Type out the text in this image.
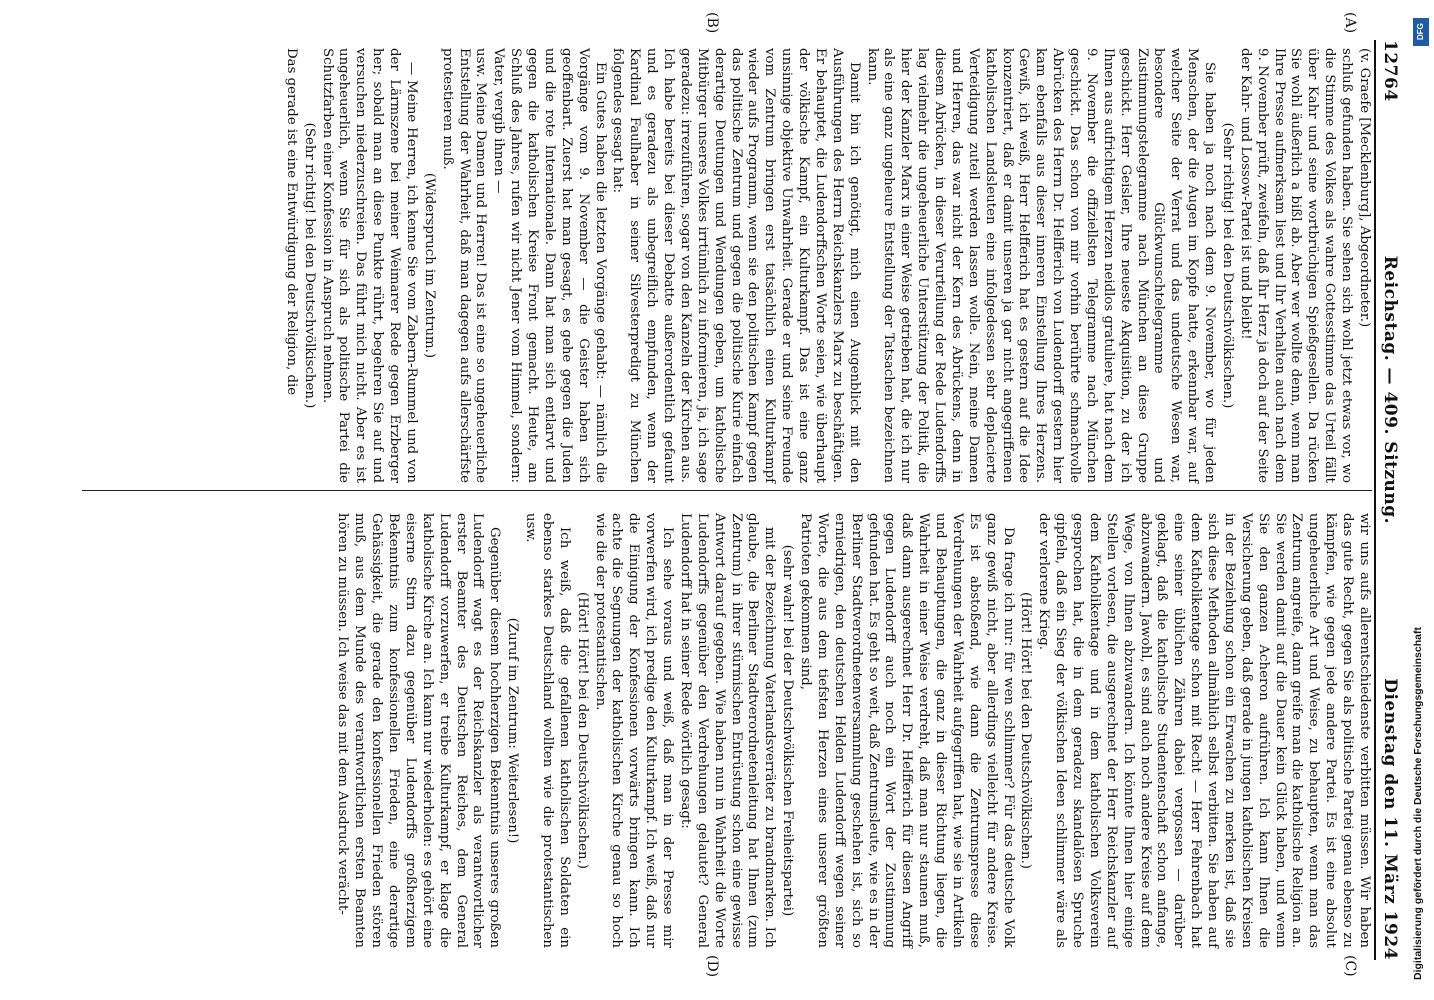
12764
Reichstag. — 409. Sitzung.
Dienstag den 11. März 1924
(A)
(B)
(C)
(D)

(v. Graefe [Mecklenburg], Abgeordneter.)

schluß gefunden haben. Sie sehen sich wohl jetzt etwas vor, wo die Stimme des Volkes als wahre Gottesstimme das Urteil fällt über Kahr und seine wortbrüchigen Spießgesellen. Da rücken Sie wohl äußerlich a bißl ab. Aber wer wollte denn, wenn man Ihre Presse aufmerksam liest und Ihr Verhalten auch nach dem 9. November prüft, zweifeln, daß Ihr Herz ja doch auf der Seite der Kahr- und Lossow-Partei ist und bleibt!

(Sehr richtig! bei den Deutschvölkischen.)

Sie haben ja noch nach dem 9. November, wo für jeden Menschen, der die Augen im Kopfe hatte, erkennbar war, auf welcher Seite der Verrat und das undeutsche Wesen war, besondere Glückwunschtelegramme und Zustimmungstelegramme nach München an diese Gruppe geschickt. Herr Geisler, Ihre neueste Akquisition, zu der ich Ihnen aus aufrichtigem Herzen neidlos gratuliere, hat nach dem 9. November die offiziellsten Telegramme nach München geschickt. Das schon von mir vorhin berührte schmachvolle Abrücken des Herrn Dr. Helfferich von Ludendorff gestern hier kam ebenfalls aus dieser inneren Einstellung Ihres Herzens. Gewiß, ich weiß, Herr Helfferich hat es gestern auf die Idee konzentriert, daß er damit unseren ja gar nicht angegriffenen katholischen Landsleuten eine infolgedessen sehr deplacierte Verteidigung zuteil werden lassen wolle. Nein, meine Damen und Herren, das war nicht der Kern des Abrückens, denn in diesem Abrücken, in dieser Verurteilung der Rede Ludendorffs lag vielmehr die ungeheuerliche Unterstützung der Politik, die hier der Kanzler Marx in einer Weise getrieben hat, die ich nur als eine ganz ungeheure Entstellung der Tatsachen bezeichnen kann.

Damit bin ich genötigt, mich einen Augenblick mit den Ausführungen des Herrn Reichskanzlers Marx zu beschäftigen. Er behauptet, die Ludendorffschen Worte seien, wie überhaupt der völkische Kampf, ein Kulturkampf. Das ist eine ganz unsinnige objektive Unwahrheit. Gerade er und seine Freunde vom Zentrum bringen erst tatsächlich einen Kulturkampf wieder aufs Programm, wenn sie den politischen Kampf gegen das politische Zentrum und gegen die politische Kurie einfach derartige Deutungen und Wendungen geben, um katholische Mitbürger unseres Volkes irrtümlich zu informieren, ja, ich sage geradezu: irrezuführen, sogar von den Kanzeln der Kirchen aus. Ich habe bereits bei dieser Debatte außerordentlich gefaunt und es geradezu als unbegreiflich empfunden, wenn der Kardinal Faulhaber in seiner Silvesterpredigt zu München folgendes gesagt hat:

Ein Gutes haben die letzten Vorgänge gehabt: — nämlich die Vorgänge vom 9. November — die Geister haben sich geoffenbart. Zuerst hat man gesagt, es gehe gegen die Juden und die rote Internationale. Dann hat man sich entlarvt und gegen die katholischen Kreise Front gemacht. Heute, am Schluß des Jahres, rufen wir nicht Jener vom Himmel, sondern: Vater, vergib ihnen —

usw. Meine Damen und Herren! Das ist eine so ungeheuerliche Entstellung der Wahrheit, daß man dagegen aufs allerschärfste protestieren muß.

(Widerspruch im Zentrum.)

— Meine Herren, ich kenne Sie vom Zabern-Rummel und von der Lärmszene bei meiner Weimarer Rede gegen Erzberger her; sobald man an diese Punkte rührt, begehren Sie auf und versuchen niederzuschreien. Das führt mich nicht. Aber es ist ungeheuerlich, wenn Sie für sich als politische Partei die Schutzfarben einer Konfession in Anspruch nehmen.

(Sehr richtig! bei den Deutschvölkischen.)

Das gerade ist eine Entwürdigung der Religion, die

wir uns aufs allerentschiedenste verbitten müssen. Wir haben das gute Recht, gegen Sie als politische Partei genau ebenso zu kämpfen, wie gegen jede andere Partei. Es ist eine absolut ungeheuerliche Art und Weise, zu behaupten, wenn man das Zentrum angreife, dann greife man die katholische Religion an. Sie werden damit auf die Dauer kein Glück haben, und wenn Sie den ganzen Acheron aufrühren. Ich kann Ihnen die Versicherung geben, daß gerade in jungen katholischen Kreisen in der Beziehung schon ein Erwachen zu merken ist, daß sie sich diese Methoden allmählich selbst verbitten. Sie haben auf dem Katholikentage schon mit Recht — Herr Fehrenbach hat eine seiner üblichen Zähren dabei vergossen — darüber geklagt, daß die katholische Studentenschaft schon anfange, abzuwandern. Jawohl, es sind auch noch andere Kreise auf dem Wege, von Ihnen abzuwandern. Ich könnte Ihnen hier einige Stellen vorlesen, die ausgerechnet der Herr Reichskanzler auf dem Katholikentage und in dem katholischen Volksverein gesprochen hat, die in dem geradezu skandalösen Spruche gipfeln, daß ein Sieg der völkischen Ideen schlimmer wäre als der verlorene Krieg.

(Hört! Hört! bei den Deutschvölkischen.)

Da frage ich nur: für wen schlimmer? Für das deutsche Volk ganz gewiß nicht, aber allerdings vielleicht für andere Kreise. Es ist abstoßend, wie dann die Zentrumspresse diese Verdrehungen der Wahrheit aufgegriffen hat, wie sie in Artikeln und Behauptungen, die ganz in dieser Richtung liegen, die Wahrheit in einer Weise verdreht, daß man nur staunen muß, daß dann ausgerechnet Herr Dr. Helfferich für diesen Angriff gegen Ludendorff auch noch ein Wort der Zustimmung gefunden hat. Es geht so weit, daß Zentrumsleute, wie es in der Berliner Stadtverordnetenversammlung geschehen ist, sich so erniedrigen, den deutschen Helden Ludendorff wegen seiner Worte, die aus dem tiefsten Herzen eines unserer größten Patrioten gekommen sind,

(sehr wahr! bei der Deutschvölkischen Freiheitspartei)

mit der Bezeichnung Vaterlandsverräter zu brandmarken. Ich glaube, die Berliner Stadtverordnetenleitung hat Ihnen (zum Zentrum) in ihrer stürmischen Entrüstung schon eine gewisse Antwort darauf gegeben. Wie haben nun in Wahrheit die Worte Ludendorffs gegenüber den Verdrehungen gelautet? General Ludendorff hat in seiner Rede wörtlich gesagt:

Ich sehe voraus und weiß, daß man in der Presse mir vorwerfen wird, ich predige den Kulturkampf. Ich weiß, daß nur die Einigung der Konfessionen vorwärts bringen kann. Ich achte die Segnungen der katholischen Kirche genau so hoch wie die der protestantischen.

(Hört! Hört! bei den Deutschvölkischen.)

Ich weiß, daß die gefallenen katholischen Soldaten ein ebenso starkes Deutschland wollten wie die protestantischen usw.

(Zuruf im Zentrum: Weiterlesen!)

Gegenüber diesem hochherzigen Bekenntnis unseres großen Ludendorff wagt es der Reichskanzler als verantwortlicher erster Beamter des Deutschen Reiches, dem General Ludendorff vorzuwerfen, er treibe Kulturkampf, er klage die katholische Kirche an. Ich kann nur wiederholen: es gehört eine eiserne Stirn dazu gegenüber Ludendorffs großherzigem Bekenntnis zum konfessionellen Frieden, eine derartige Gehässigkeit, die gerade den konfessionellen Frieden stören muß, aus dem Munde des verantwortlichen ersten Beamten hören zu müssen. Ich weise das mit dem Ausdruck verächt-

DFG
Digitalisierung gefördert durch die Deutsche Forschungsgemeinschaft
